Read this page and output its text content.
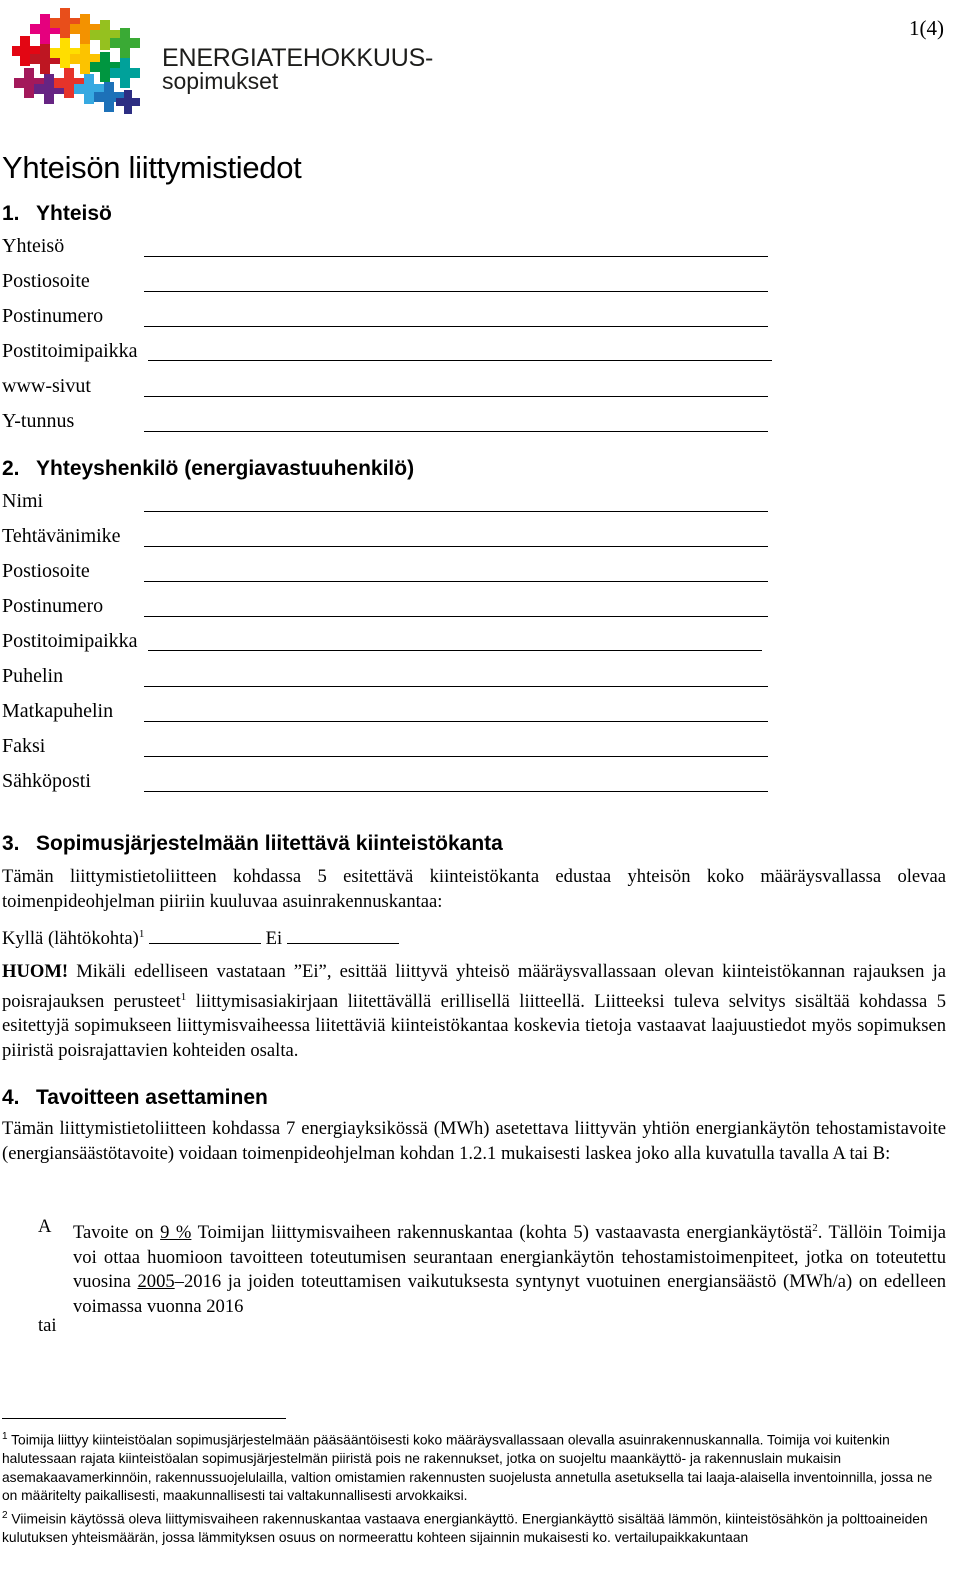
ENERGIATEHOKKUUS-
sopimukset
1(4)
Yhteisön liittymistiedot
1. Yhteisö
Yhteisö
Postiosoite
Postinumero
Postitoimipaikka
www-sivut
Y-tunnus
2. Yhteyshenkilö (energiavastuuhenkilö)
Nimi
Tehtävänimike
Postiosoite
Postinumero
Postitoimipaikka
Puhelin
Matkapuhelin
Faksi
Sähköposti
3. Sopimusjärjestelmään liitettävä kiinteistökanta
Tämän liittymistietoliitteen kohdassa 5 esitettävä kiinteistökanta edustaa yhteisön koko määräysvallassa olevaa toimenpideohjelman piiriin kuuluvaa asuinrakennuskantaa:
Kyllä (lähtökohta)$^1$	Ei
HUOM! Mikäli edelliseen vastataan ”Ei”, esittää liittyvä yhteisö määräysvallassaan olevan kiinteistökannan rajauksen ja poisrajauksen perusteet$^1$ liittymisasiakirjaan liitettävällä erillisellä liitteellä. Liitteeksi tuleva selvitys sisältää kohdassa 5 esitettyjä sopimukseen liittymisvaiheessa liitettäviä kiinteistökantaa koskevia tietoja vastaavat laajuustiedot myös sopimuksen piiristä poisrajattavien kohteiden osalta.
4. Tavoitteen asettaminen
Tämän liittymistietoliitteen kohdassa 7 energiayksikössä (MWh) asetettava liittyvän yhtiön energiankäytön tehostamistavoite (energiansäästötavoite) voidaan toimenpideohjelman kohdan 1.2.1 mukaisesti laskea joko alla kuvatulla tavalla A tai B:
A Tavoite on 9 % Toimijan liittymisvaiheen rakennuskantaa (kohta 5) vastaavasta energiankäytöstä$^2$. Tällöin Toimija voi ottaa huomioon tavoitteen toteutumisen seurantaan energiankäytön tehostamistoimenpiteet, jotka on toteutettu vuosina 2005–2016 ja joiden toteuttamisen vaikutuksesta syntynyt vuotuinen energiansäästö (MWh/a) on edelleen voimassa vuonna 2016
tai
$^1$ Toimija liittyy kiinteistöalan sopimusjärjestelmään pääsääntöisesti koko määräysvallassaan olevalla asuinrakennuskannalla. Toimija voi kuitenkin halutessaan rajata kiinteistöalan sopimusjärjestelmän piiristä pois ne rakennukset, jotka on suojeltu maankäyttö- ja rakennuslain mukaisin asemakaavamerkinnöin, rakennussuojelulailla, valtion omistamien rakennusten suojelusta annetulla asetuksella tai laaja-alaisella inventoinnilla, jossa ne on määritelty paikallisesti, maakunnallisesti tai valtakunnallisesti arvokkaiksi.
$^2$ Viimeisin käytössä oleva liittymisvaiheen rakennuskantaa vastaava energiankäyttö. Energiankäyttö sisältää lämmön, kiinteistösähkön ja polttoaineiden kulutuksen yhteismäärän, jossa lämmityksen osuus on normeerattu kohteen sijainnin mukaisesti ko. vertailupaikkakuntaan
